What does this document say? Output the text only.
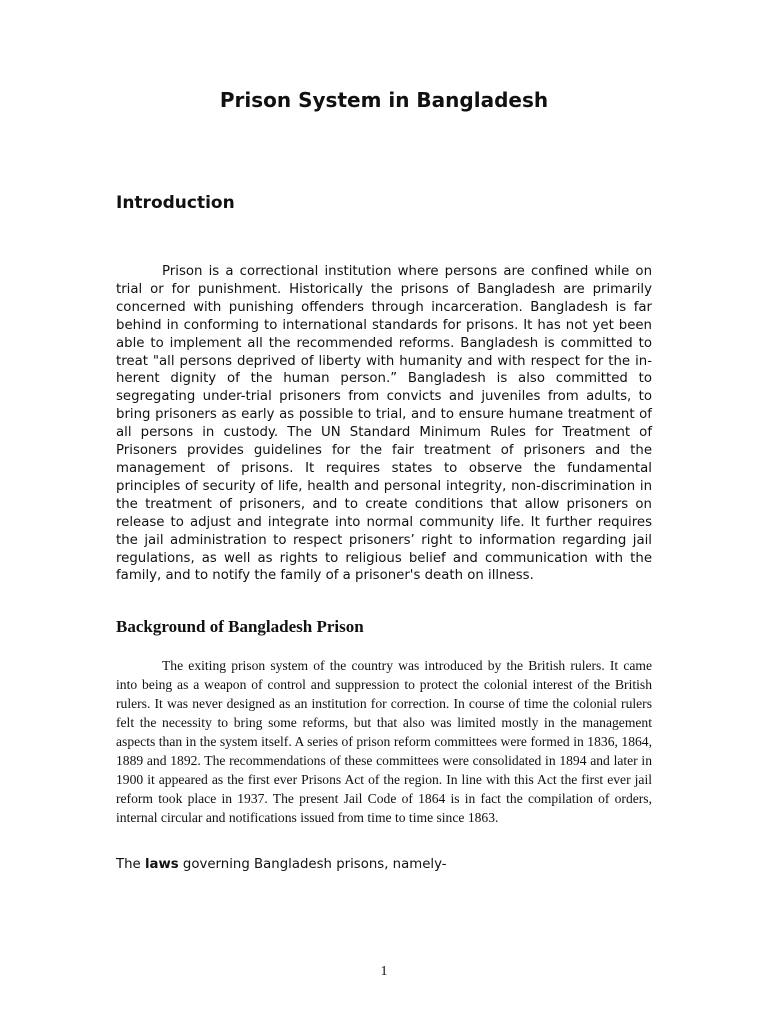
Prison System in Bangladesh
Introduction

Prison is a correctional institution where persons are confined while on trial or for punishment. Historically the prisons of Bangladesh are primarily concerned with punishing offenders through incarceration. Bangladesh is far behind in conforming to international standards for prisons. It has not yet been able to implement all the recommended reforms. Bangladesh is committed to treat "all persons deprived of liberty with humanity and with respect for the in-herent dignity of the human person.” Bangladesh is also committed to segregating under-trial prisoners from convicts and juveniles from adults, to bring prisoners as early as possible to trial, and to ensure humane treatment of all persons in custody. The UN Standard Minimum Rules for Treatment of Prisoners provides guidelines for the fair treatment of prisoners and the management of prisons. It requires states to observe the fundamental principles of security of life, health and personal integrity, non-discrimination in the treatment of prisoners, and to create conditions that allow prisoners on release to adjust and integrate into normal community life. It further requires the jail administration to respect prisoners’ right to information regarding jail regulations, as well as rights to religious belief and communication with the family, and to notify the family of a prisoner's death on illness.

Background of Bangladesh Prison

The exiting prison system of the country was introduced by the British rulers. It came into being as a weapon of control and suppression to protect the colonial interest of the British rulers. It was never designed as an institution for correction. In course of time the colonial rulers felt the necessity to bring some reforms, but that also was limited mostly in the management aspects than in the system itself. A series of prison reform committees were formed in 1836, 1864, 1889 and 1892. The recommendations of these committees were consolidated in 1894 and later in 1900 it appeared as the first ever Prisons Act of the region. In line with this Act the first ever jail reform took place in 1937. The present Jail Code of 1864 is in fact the compilation of orders, internal circular and notifications issued from time to time since 1863.

The laws governing Bangladesh prisons, namely-

1
